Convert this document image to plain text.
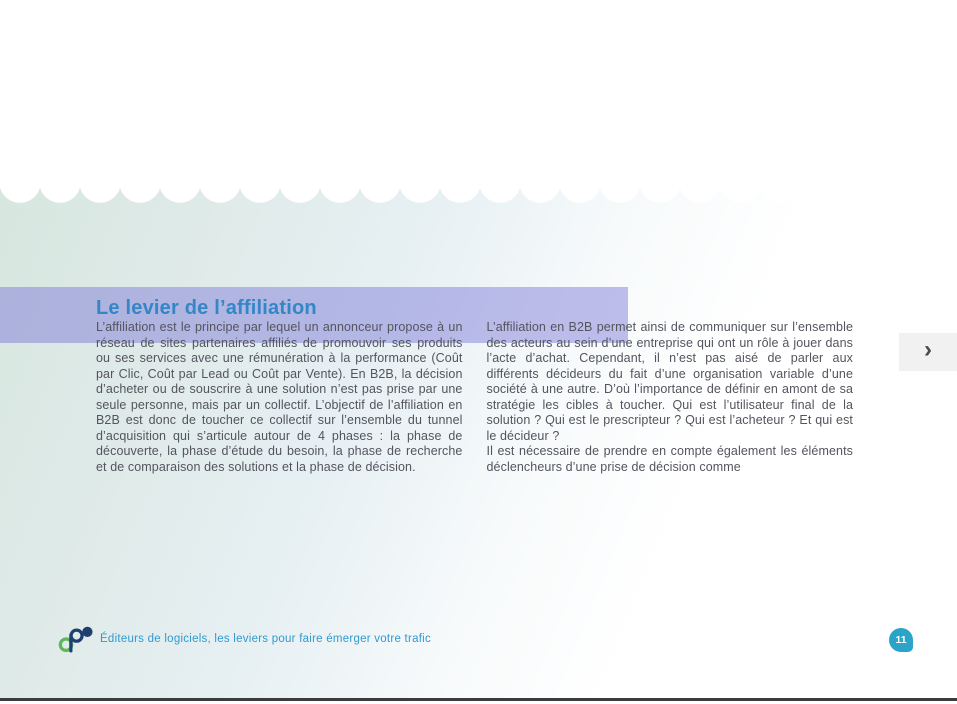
Le levier de l’affiliation

L’affiliation est le principe par lequel un annonceur propose à un réseau de sites partenaires affiliés de promouvoir ses produits ou ses services avec une rémunération à la performance (Coût par Clic, Coût par Lead ou Coût par Vente). En B2B, la décision d’acheter ou de souscrire à une solution n’est pas prise par une seule personne, mais par un collectif. L’objectif de l’affiliation en B2B est donc de toucher ce collectif sur l’ensemble du tunnel d’acquisition qui s’articule autour de 4 phases : la phase de découverte, la phase d’étude du besoin, la phase de recherche et de comparaison des solutions et la phase de décision.

L’affiliation en B2B permet ainsi de communiquer sur l’ensemble des acteurs au sein d’une entreprise qui ont un rôle à jouer dans l’acte d’achat. Cependant, il n’est pas aisé de parler aux différents décideurs du fait d’une organisation variable d’une société à une autre. D’où l’importance de définir en amont de sa stratégie les cibles à toucher. Qui est l’utilisateur final de la solution ? Qui est le prescripteur ? Qui est l’acheteur ? Et qui est le décideur ?

Il est nécessaire de prendre en compte également les éléments déclencheurs d’une prise de décision comme

›
Éditeurs de logiciels, les leviers pour faire émerger votre trafic	11
